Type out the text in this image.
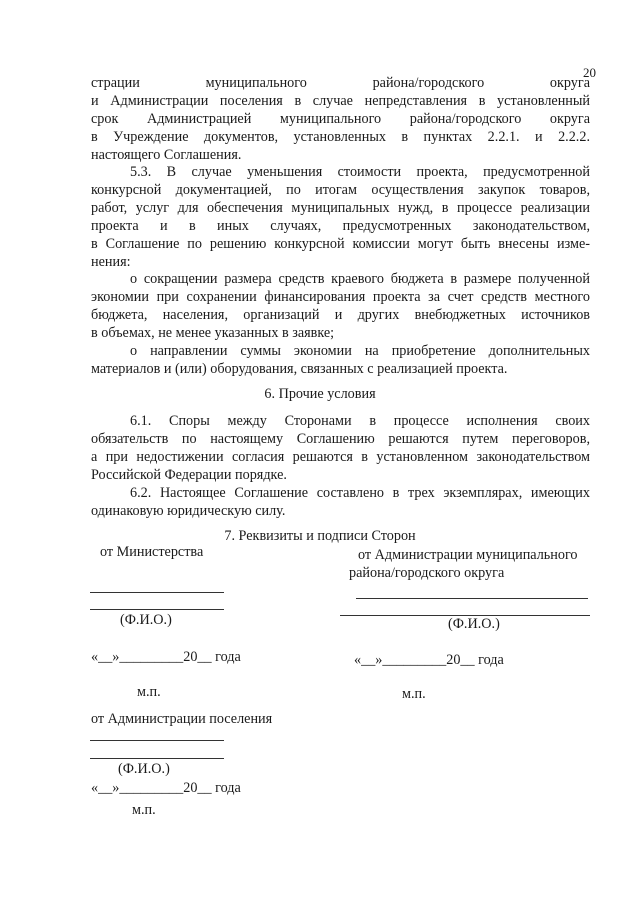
20
страции муниципального района/городского округа
и Администрации поселения в случае непредставления в установленный
срок Администрацией муниципального района/городского округа
в Учреждение документов, установленных в пунктах 2.2.1. и 2.2.2.
настоящего Соглашения.
5.3. В случае уменьшения стоимости проекта, предусмотренной
конкурсной документацией, по итогам осуществления закупок товаров,
работ, услуг для обеспечения муниципальных нужд, в процессе реализации
проекта и в иных случаях, предусмотренных законодательством,
в Соглашение по решению конкурсной комиссии могут быть внесены изме-
нения:
о сокращении размера средств краевого бюджета в размере полученной
экономии при сохранении финансирования проекта за счет средств местного
бюджета, населения, организаций и других внебюджетных источников
в объемах, не менее указанных в заявке;
о направлении суммы экономии на приобретение дополнительных
материалов и (или) оборудования, связанных с реализацией проекта.
6. Прочие условия
6.1. Споры между Сторонами в процессе исполнения своих
обязательств по настоящему Соглашению решаются путем переговоров,
а при недостижении согласия решаются в установленном законодательством
Российской Федерации порядке.
6.2. Настоящее Соглашение составлено в трех экземплярах, имеющих
одинаковую юридическую силу.
7. Реквизиты и подписи Сторон
от Министерства
(Ф.И.О.)
«__»_________20__ года
м.п.
от Администрации муниципального
района/городского округа
(Ф.И.О.)
«__»_________20__ года
м.п.
от Администрации поселения
(Ф.И.О.)
«__»_________20__ года
м.п.
